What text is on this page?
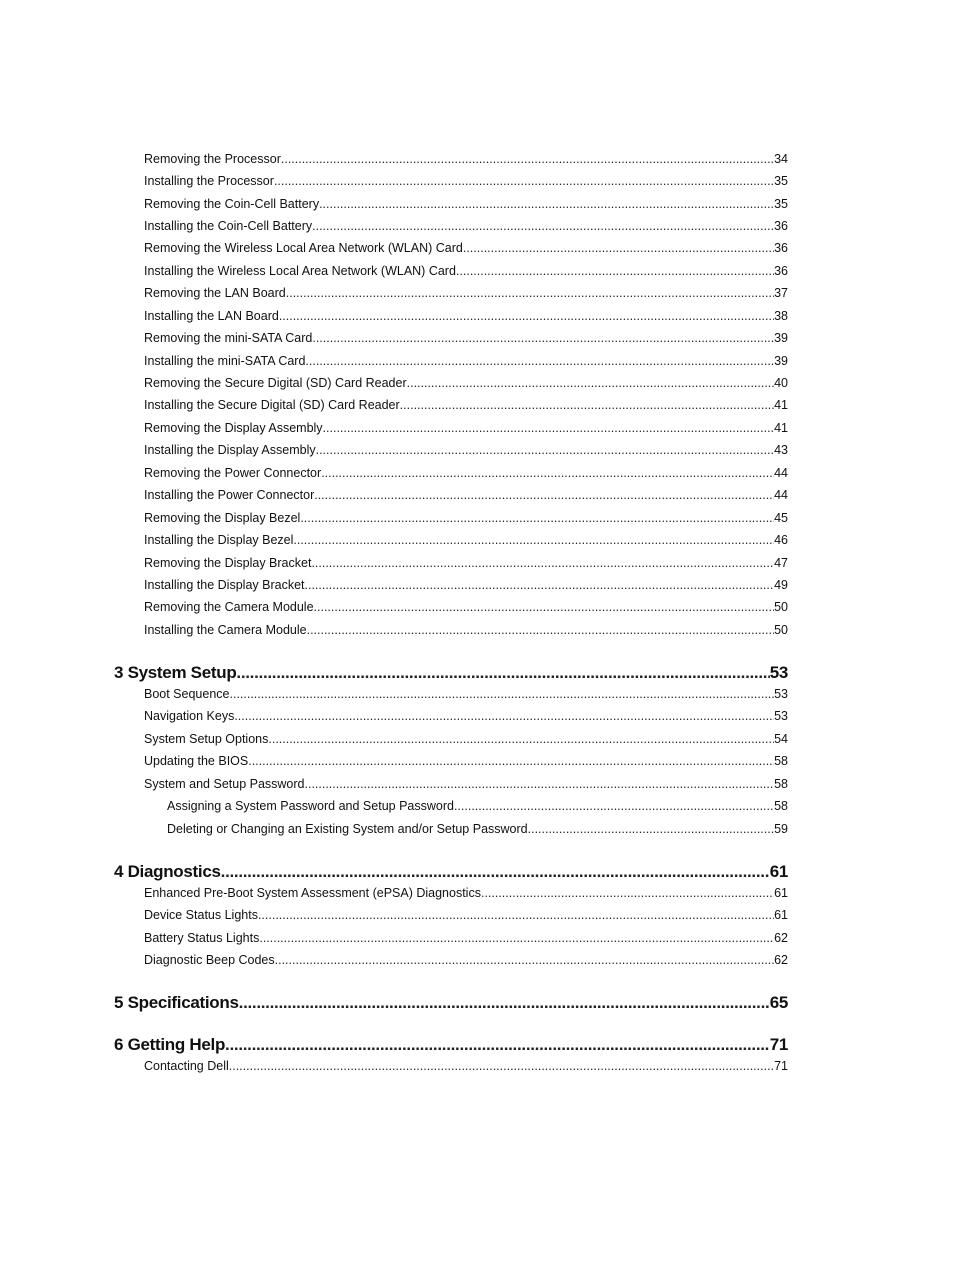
Removing the Processor .....	34
Installing the Processor .....	35
Removing the Coin-Cell Battery .....	35
Installing the Coin-Cell Battery .....	36
Removing the Wireless Local Area Network (WLAN) Card .....	36
Installing the Wireless Local Area Network (WLAN) Card .....	36
Removing the LAN Board .....	37
Installing the LAN Board .....	38
Removing the mini-SATA Card .....	39
Installing the mini-SATA Card .....	39
Removing the Secure Digital (SD) Card Reader .....	40
Installing the Secure Digital (SD) Card Reader .....	41
Removing the Display Assembly .....	41
Installing the Display Assembly .....	43
Removing the Power Connector .....	44
Installing the Power Connector .....	44
Removing the Display Bezel .....	45
Installing the Display Bezel .....	46
Removing the Display Bracket .....	47
Installing the Display Bracket .....	49
Removing the Camera Module .....	50
Installing the Camera Module .....	50
3 System Setup .....	53
Boot Sequence .....	53
Navigation Keys .....	53
System Setup Options .....	54
Updating the BIOS .....	58
System and Setup Password .....	58
Assigning a System Password and Setup Password .....	58
Deleting or Changing an Existing System and/or Setup Password .....	59
4 Diagnostics .....	61
Enhanced Pre-Boot System Assessment (ePSA) Diagnostics .....	61
Device Status Lights .....	61
Battery Status Lights .....	62
Diagnostic Beep Codes .....	62
5 Specifications .....	65
6 Getting Help .....	71
Contacting Dell .....	71
